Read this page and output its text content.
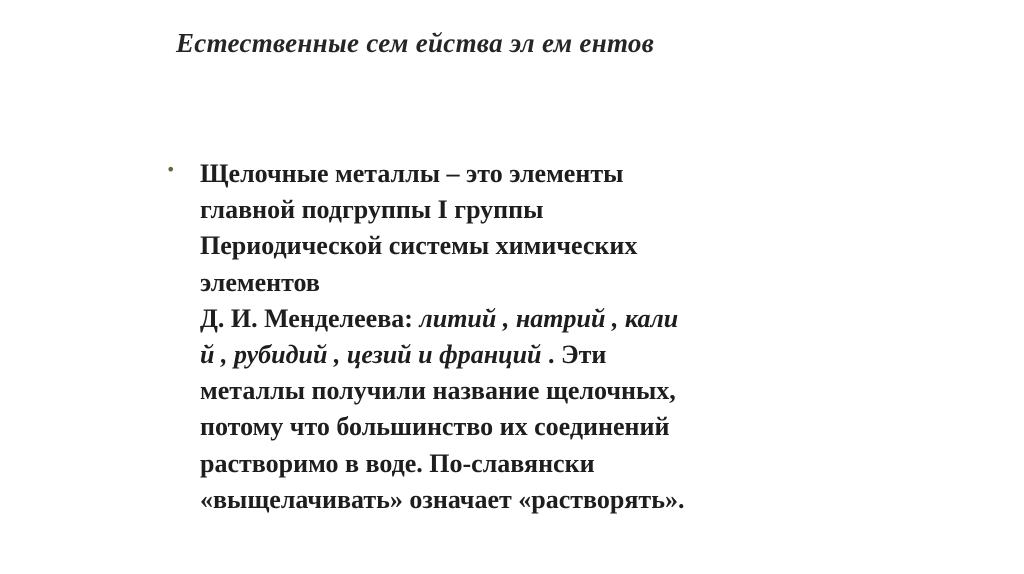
Естественные сем ейства эл ем ентов
• Щелочные металлы – это элементы
главной подгруппы I группы
Периодической системы химических
элементов
Д. И. Менделеева: литий , натрий , кали
й , рубидий , цезий и франций . Эти
металлы получили название щелочных,
потому что большинство их соединений
растворимо в воде. По-славянски
«выщелачивать» означает «растворять».
